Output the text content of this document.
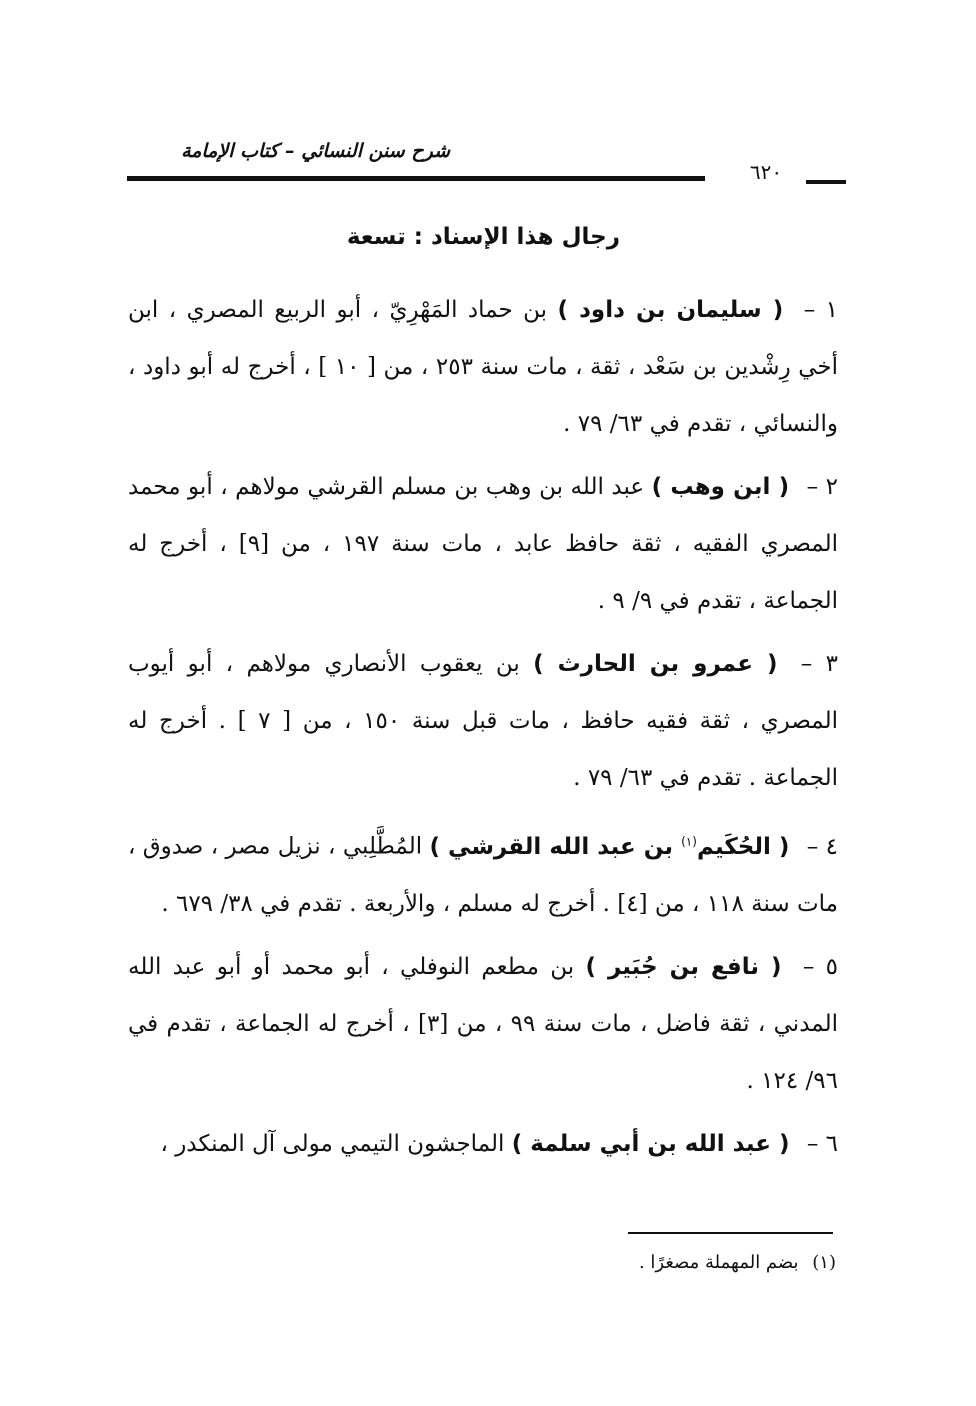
شرح سنن النسائي – كتاب الإمامة
٦٢٠
رجال هذا الإسناد : تسعة

١ – ( سليمان بن داود ) بن حماد المَهْرِيّ ، أبو الربيع المصري ، ابن أخي رِشْدين بن سَعْد ، ثقة ، مات سنة ٢٥٣ ، من [ ١٠ ] ، أخرج له أبو داود ، والنسائي ، تقدم في ٦٣/ ٧٩ .

٢ – ( ابن وهب ) عبد الله بن وهب بن مسلم القرشي مولاهم ، أبو محمد المصري الفقيه ، ثقة حافظ عابد ، مات سنة ١٩٧ ، من [٩] ، أخرج له الجماعة ، تقدم في ٩/ ٩ .

٣ – ( عمرو بن الحارث ) بن يعقوب الأنصاري مولاهم ، أبو أيوب المصري ، ثقة فقيه حافظ ، مات قبل سنة ١٥٠ ، من [ ٧ ] . أخرج له الجماعة . تقدم في ٦٣/ ٧٩ .

٤ – ( الحُكَيم$^{(١)}$ بن عبد الله القرشي ) المُطَّلِبي ، نزيل مصر ، صدوق ، مات سنة ١١٨ ، من [٤] . أخرج له مسلم ، والأربعة . تقدم في ٣٨/ ٦٧٩ .

٥ – ( نافع بن جُبَير ) بن مطعم النوفلي ، أبو محمد أو أبو عبد الله المدني ، ثقة فاضل ، مات سنة ٩٩ ، من [٣] ، أخرج له الجماعة ، تقدم في ٩٦/ ١٢٤ .

٦ – ( عبد الله بن أبي سلمة ) الماجشون التيمي مولى آل المنكدر ،

(١) بضم المهملة مصغرًا .
